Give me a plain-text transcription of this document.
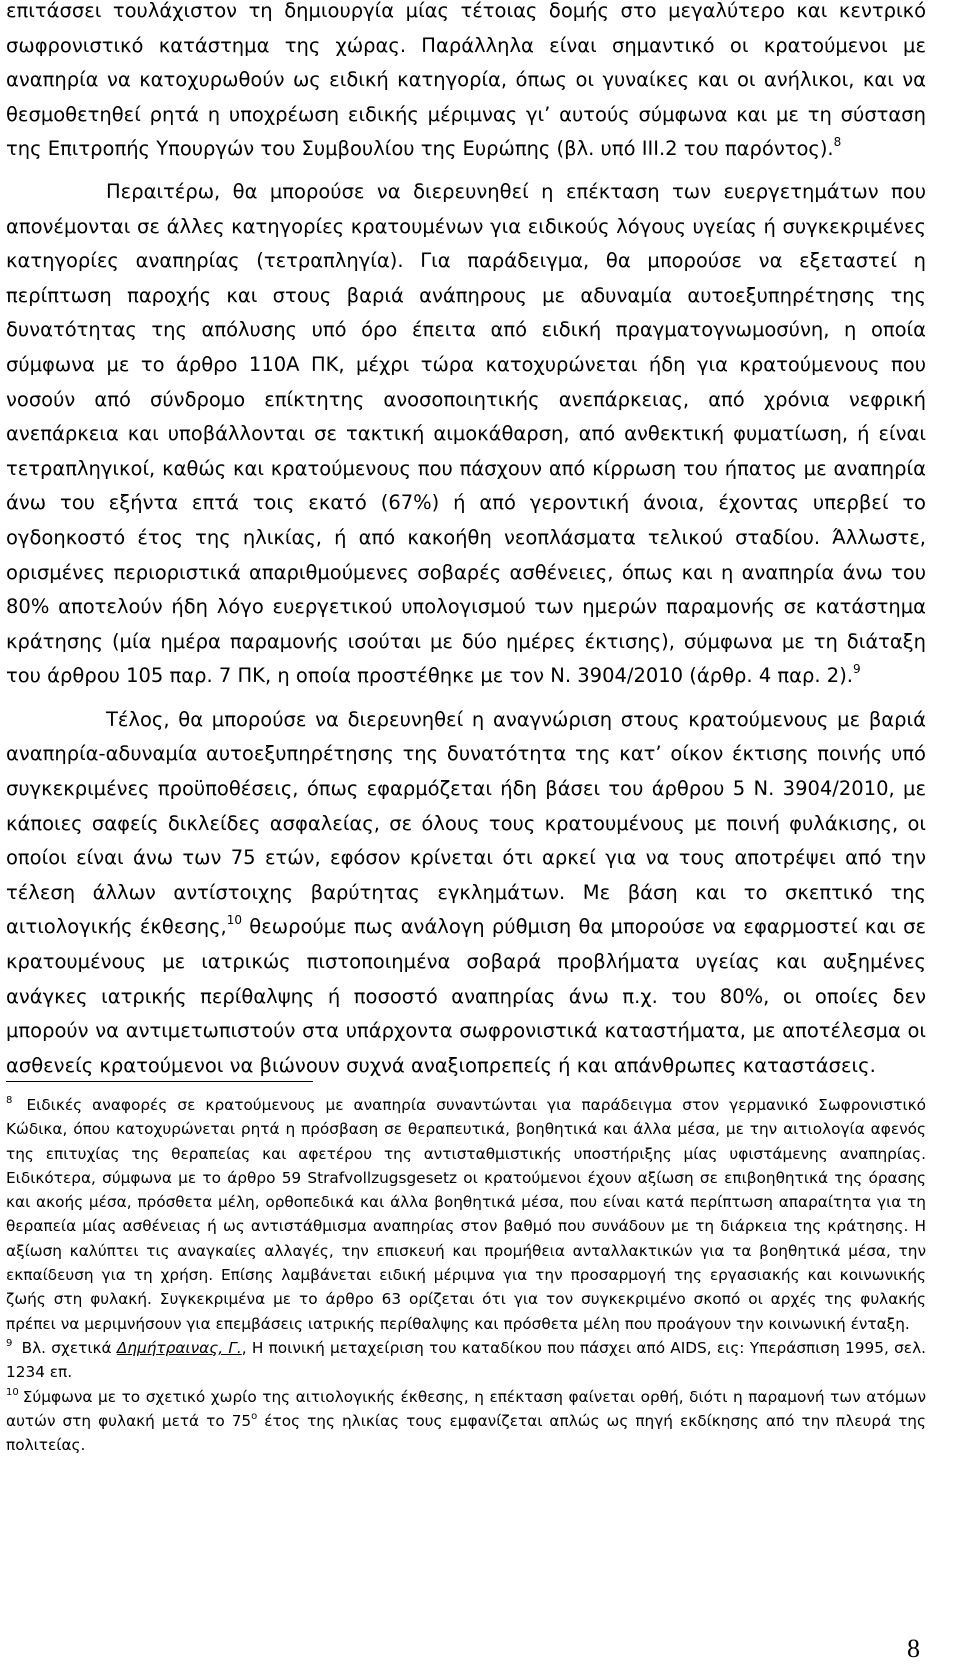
επιτάσσει τουλάχιστον τη δημιουργία μίας τέτοιας δομής στο μεγαλύτερο και κεντρικό σωφρονιστικό κατάστημα της χώρας. Παράλληλα είναι σημαντικό οι κρατούμενοι με αναπηρία να κατοχυρωθούν ως ειδική κατηγορία, όπως οι γυναίκες και οι ανήλικοι, και να θεσμοθετηθεί ρητά η υποχρέωση ειδικής μέριμνας γι’ αυτούς σύμφωνα και με τη σύσταση της Επιτροπής Υπουργών του Συμβουλίου της Ευρώπης (βλ. υπό ΙΙΙ.2 του παρόντος).$^8$

Περαιτέρω, θα μπορούσε να διερευνηθεί η επέκταση των ευεργετημάτων που απονέμονται σε άλλες κατηγορίες κρατουμένων για ειδικούς λόγους υγείας ή συγκεκριμένες κατηγορίες αναπηρίας (τετραπληγία). Για παράδειγμα, θα μπορούσε να εξεταστεί η περίπτωση παροχής και στους βαριά ανάπηρους με αδυναμία αυτοεξυπηρέτησης της δυνατότητας της απόλυσης υπό όρο έπειτα από ειδική πραγματογνωμοσύνη, η οποία σύμφωνα με το άρθρο 110Α ΠΚ, μέχρι τώρα κατοχυρώνεται ήδη για κρατούμενους που νοσούν από σύνδρομο επίκτητης ανοσοποιητικής ανεπάρκειας, από χρόνια νεφρική ανεπάρκεια και υποβάλλονται σε τακτική αιμοκάθαρση, από ανθεκτική φυματίωση, ή είναι τετραπληγικοί, καθώς και κρατούμενους που πάσχουν από κίρρωση του ήπατος με αναπηρία άνω του εξήντα επτά τοις εκατό (67%) ή από γεροντική άνοια, έχοντας υπερβεί το ογδοηκοστό έτος της ηλικίας, ή από κακοήθη νεοπλάσματα τελικού σταδίου. Άλλωστε, ορισμένες περιοριστικά απαριθμούμενες σοβαρές ασθένειες, όπως και η αναπηρία άνω του 80% αποτελούν ήδη λόγο ευεργετικού υπολογισμού των ημερών παραμονής σε κατάστημα κράτησης (μία ημέρα παραμονής ισούται με δύο ημέρες έκτισης), σύμφωνα με τη διάταξη του άρθρου 105 παρ. 7 ΠΚ, η οποία προστέθηκε με τον Ν. 3904/2010 (άρθρ. 4 παρ. 2).$^9$

Τέλος, θα μπορούσε να διερευνηθεί η αναγνώριση στους κρατούμενους με βαριά αναπηρία-αδυναμία αυτοεξυπηρέτησης της δυνατότητα της κατ’ οίκον έκτισης ποινής υπό συγκεκριμένες προϋποθέσεις, όπως εφαρμόζεται ήδη βάσει του άρθρου 5 Ν. 3904/2010, με κάποιες σαφείς δικλείδες ασφαλείας, σε όλους τους κρατουμένους με ποινή φυλάκισης, οι οποίοι είναι άνω των 75 ετών, εφόσον κρίνεται ότι αρκεί για να τους αποτρέψει από την τέλεση άλλων αντίστοιχης βαρύτητας εγκλημάτων. Με βάση και το σκεπτικό της αιτιολογικής έκθεσης,$^{10}$ θεωρούμε πως ανάλογη ρύθμιση θα μπορούσε να εφαρμοστεί και σε κρατουμένους με ιατρικώς πιστοποιημένα σοβαρά προβλήματα υγείας και αυξημένες ανάγκες ιατρικής περίθαλψης ή ποσοστό αναπηρίας άνω π.χ. του 80%, οι οποίες δεν μπορούν να αντιμετωπιστούν στα υπάρχοντα σωφρονιστικά καταστήματα, με αποτέλεσμα οι ασθενείς κρατούμενοι να βιώνουν συχνά αναξιοπρεπείς ή και απάνθρωπες καταστάσεις.

$^8$ Ειδικές αναφορές σε κρατούμενους με αναπηρία συναντώνται για παράδειγμα στον γερμανικό Σωφρονιστικό Κώδικα, όπου κατοχυρώνεται ρητά η πρόσβαση σε θεραπευτικά, βοηθητικά και άλλα μέσα, με την αιτιολογία αφενός της επιτυχίας της θεραπείας και αφετέρου της αντισταθμιστικής υποστήριξης μίας υφιστάμενης αναπηρίας. Ειδικότερα, σύμφωνα με το άρθρο 59 Strafvollzugsgesetz οι κρατούμενοι έχουν αξίωση σε επιβοηθητικά της όρασης και ακοής μέσα, πρόσθετα μέλη, ορθοπεδικά και άλλα βοηθητικά μέσα, που είναι κατά περίπτωση απαραίτητα για τη θεραπεία μίας ασθένειας ή ως αντιστάθμισμα αναπηρίας στον βαθμό που συνάδουν με τη διάρκεια της κράτησης. Η αξίωση καλύπτει τις αναγκαίες αλλαγές, την επισκευή και προμήθεια ανταλλακτικών για τα βοηθητικά μέσα, την εκπαίδευση για τη χρήση. Επίσης λαμβάνεται ειδική μέριμνα για την προσαρμογή της εργασιακής και κοινωνικής ζωής στη φυλακή. Συγκεκριμένα με το άρθρο 63 ορίζεται ότι για τον συγκεκριμένο σκοπό οι αρχές της φυλακής πρέπει να μεριμνήσουν για επεμβάσεις ιατρικής περίθαλψης και πρόσθετα μέλη που προάγουν την κοινωνική ένταξη.

$^9$ Βλ. σχετικά Δημήτραινας, Γ., Η ποινική μεταχείριση του καταδίκου που πάσχει από AIDS, εις: Υπεράσπιση 1995, σελ. 1234 επ.

$^{10}$ Σύμφωνα με το σχετικό χωρίο της αιτιολογικής έκθεσης, η επέκταση φαίνεται ορθή, διότι η παραμονή των ατόμων αυτών στη φυλακή μετά το $75^o$ έτος της ηλικίας τους εμφανίζεται απλώς ως πηγή εκδίκησης από την πλευρά της πολιτείας.

8
